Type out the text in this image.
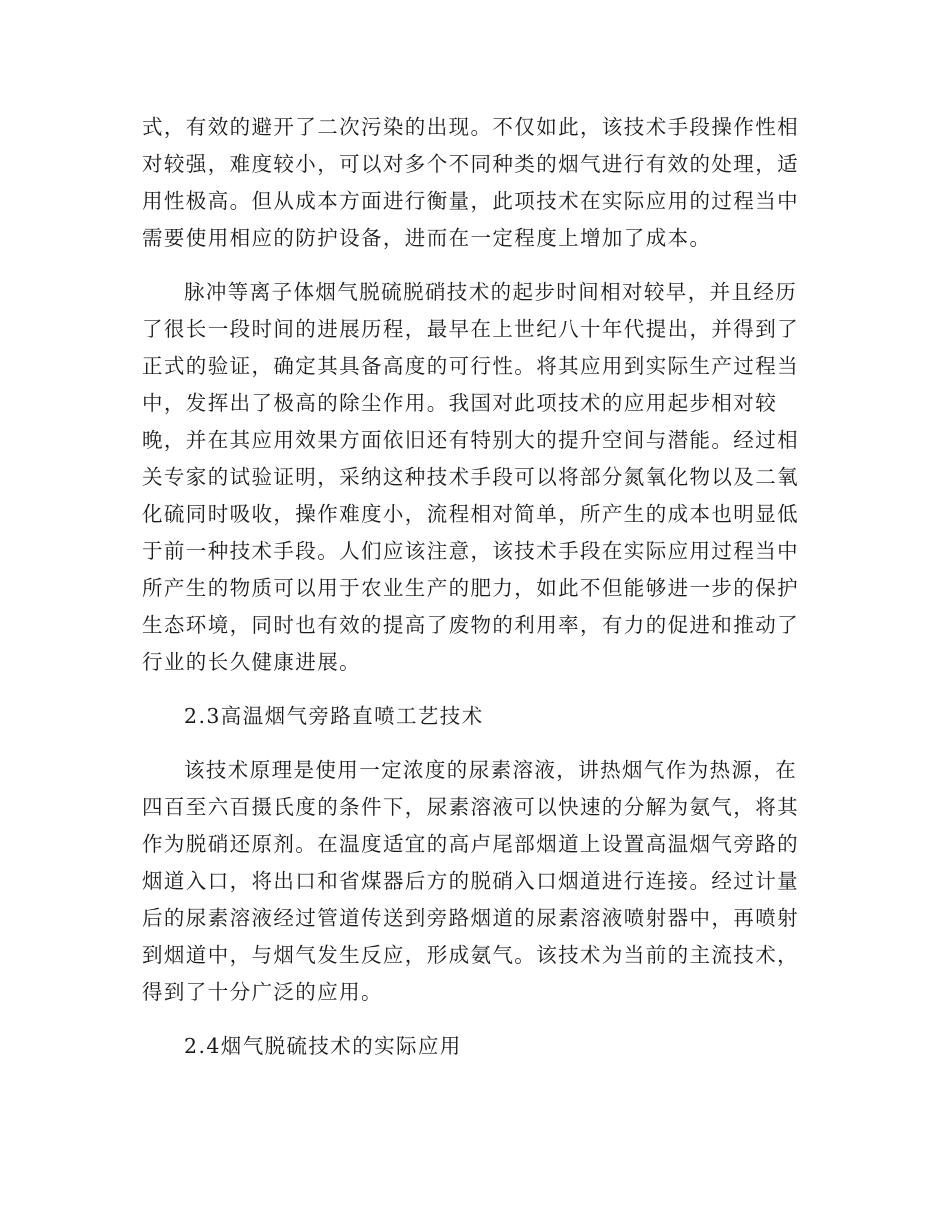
式，有效的避开了二次污染的出现。不仅如此，该技术手段操作性相
对较强，难度较小，可以对多个不同种类的烟气进行有效的处理，适
用性极高。但从成本方面进行衡量，此项技术在实际应用的过程当中
需要使用相应的防护设备，进而在一定程度上增加了成本。
脉冲等离子体烟气脱硫脱硝技术的起步时间相对较早，并且经历
了很长一段时间的进展历程，最早在上世纪八十年代提出，并得到了
正式的验证，确定其具备高度的可行性。将其应用到实际生产过程当
中，发挥出了极高的除尘作用。我国对此项技术的应用起步相对较
晚，并在其应用效果方面依旧还有特别大的提升空间与潜能。经过相
关专家的试验证明，采纳这种技术手段可以将部分氮氧化物以及二氧
化硫同时吸收，操作难度小，流程相对简单，所产生的成本也明显低
于前一种技术手段。人们应该注意，该技术手段在实际应用过程当中
所产生的物质可以用于农业生产的肥力，如此不但能够进一步的保护
生态环境，同时也有效的提高了废物的利用率，有力的促进和推动了
行业的长久健康进展。
2.3高温烟气旁路直喷工艺技术
该技术原理是使用一定浓度的尿素溶液，讲热烟气作为热源，在
四百至六百摄氏度的条件下，尿素溶液可以快速的分解为氨气，将其
作为脱硝还原剂。在温度适宜的高卢尾部烟道上设置高温烟气旁路的
烟道入口，将出口和省煤器后方的脱硝入口烟道进行连接。经过计量
后的尿素溶液经过管道传送到旁路烟道的尿素溶液喷射器中，再喷射
到烟道中，与烟气发生反应，形成氨气。该技术为当前的主流技术，
得到了十分广泛的应用。
2.4烟气脱硫技术的实际应用
